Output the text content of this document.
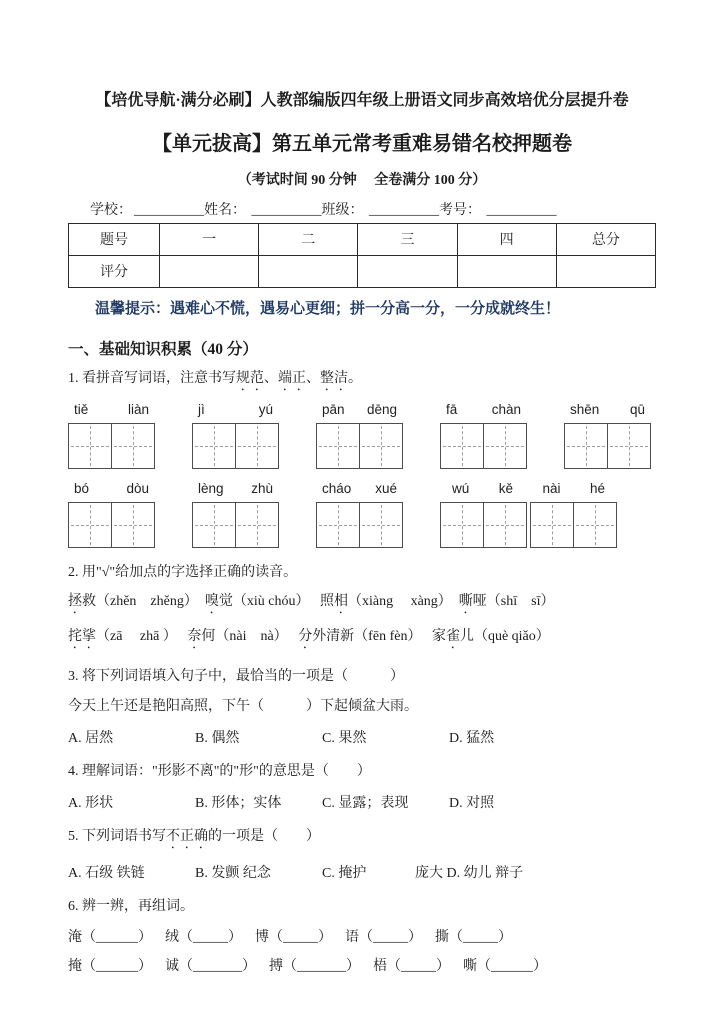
【培优导航·满分必刷】人教部编版四年级上册语文同步高效培优分层提升卷
【单元拔高】第五单元常考重难易错名校押题卷
（考试时间 90 分钟　 全卷满分 100 分）
学校： __________姓名： __________班级： __________考号： __________
题号	一	二	三	四	总分
评分					
温馨提示：遇难心不慌，遇易心更细；拼一分高一分，一分成就终生！
一、基础知识积累（40 分）
1. 看拼音写词语，注意书写规范、端正、整洁。
tiě	liàn	jì	yú	pān dēng	fā	chàn	shēn qū
bó	dòu	lèng zhù	cháo xué	wú kě nài hé
2. 用"√"给加点的字选择正确的读音。
拯救（zhěn　zhěng）　嗅觉（xiù chóu）　 照相（xiàng　 xàng）　嘶哑（shī　sī）
挓挲（zā　 zhā ）　 奈何（nài　nà）　 分外清新（fēn fèn）　 家雀儿（què qiǎo）
3. 将下列词语填入句子中，最恰当的一项是（　　　）
今天上午还是艳阳高照，下午（　　　）下起倾盆大雨。
A. 居然	B. 偶然	C. 果然	D. 猛然
4. 理解词语："形影不离"的"形"的意思是（　　）
A. 形状	B. 形体；实体	C. 显露；表现	D. 对照
5. 下列词语书写不正确的一项是（　　）
A. 石级 铁链	B. 发颤 纪念	C. 掩护	庞大 D. 幼儿 辩子
6. 辨一辨，再组词。
淹（______） 绒（_____） 博（_____） 语（_____） 撕（_____）
掩（______） 诚（_______） 搏（_______） 梧（_____） 嘶（______）
